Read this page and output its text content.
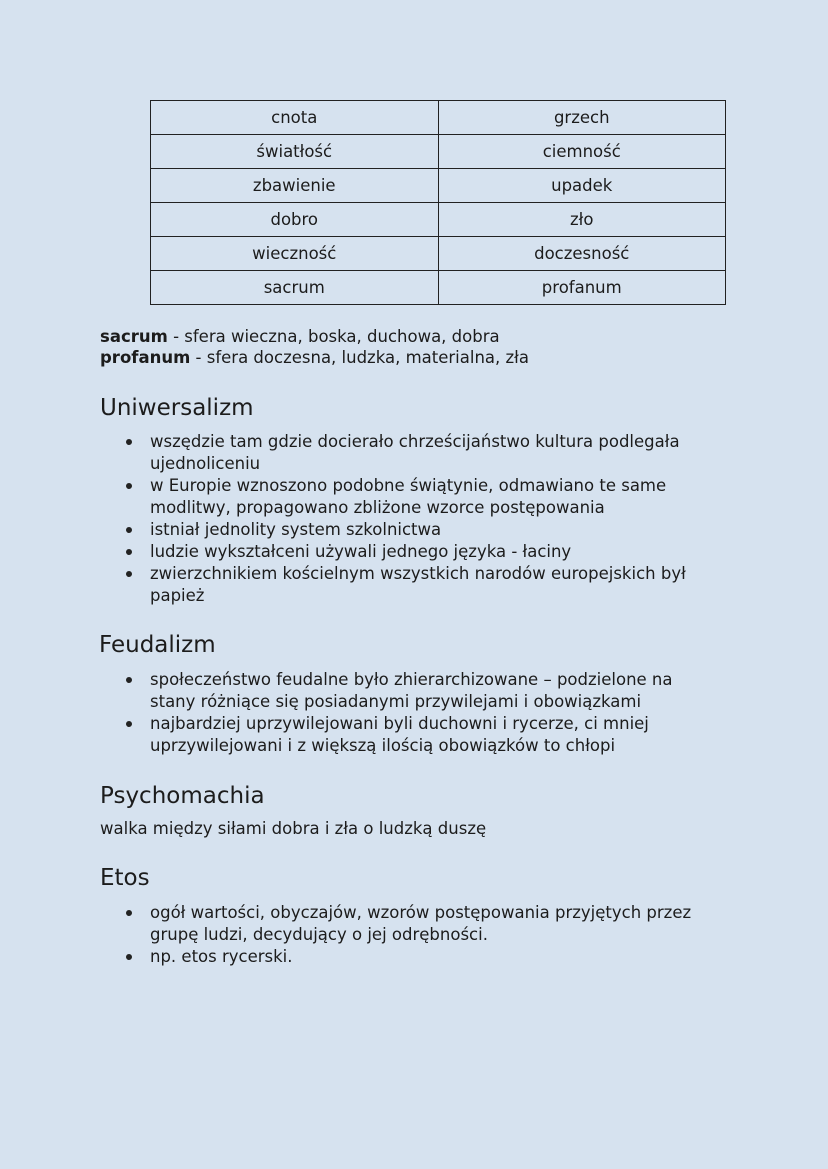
cnota	grzech
światłość	ciemność
zbawienie	upadek
dobro	zło
wieczność	doczesność
sacrum	profanum
sacrum - sfera wieczna, boska, duchowa, dobra
profanum - sfera doczesna, ludzka, materialna, zła
Uniwersalizm
wszędzie tam gdzie docierało chrześcijaństwo kultura podlegała ujednoliceniu
w Europie wznoszono podobne świątynie, odmawiano te same modlitwy, propagowano zbliżone wzorce postępowania
istniał jednolity system szkolnictwa
ludzie wykształceni używali jednego języka - łaciny
zwierzchnikiem kościelnym wszystkich narodów europejskich był papież
Feudalizm
społeczeństwo feudalne było zhierarchizowane – podzielone na stany różniące się posiadanymi przywilejami i obowiązkami
najbardziej uprzywilejowani byli duchowni i rycerze, ci mniej uprzywilejowani i z większą ilością obowiązków to chłopi
Psychomachia
walka między siłami dobra i zła o ludzką duszę
Etos
ogół wartości, obyczajów, wzorów postępowania przyjętych przez grupę ludzi, decydujący o jej odrębności.
np. etos rycerski.
